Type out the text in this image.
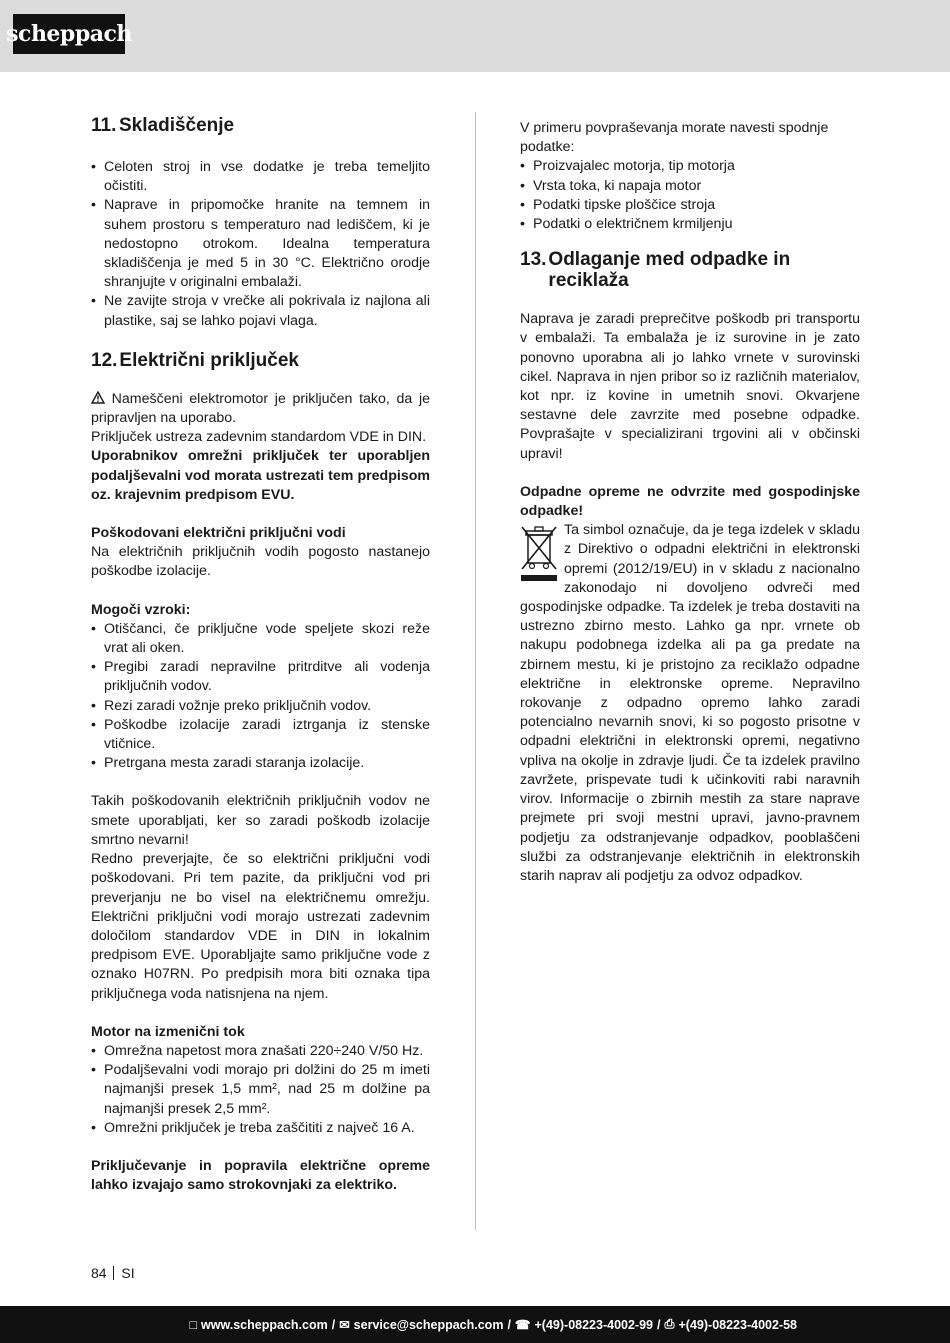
scheppach
11. Skladiščenje
• Celoten stroj in vse dodatke je treba temeljito očistiti.
• Naprave in pripomočke hranite na temnem in suhem prostoru s temperaturo nad lediščem, ki je nedostopno otrokom. Idealna temperatura skladiščenja je med 5 in 30 °C. Električno orodje shranjujte v originalni embalaži.
• Ne zavijte stroja v vrečke ali pokrivala iz najlona ali plastike, saj se lahko pojavi vlaga.
12. Električni priključek

Nameščeni elektromotor je priključen tako, da je pripravljen na uporabo.

Priključek ustreza zadevnim standardom VDE in DIN.

Uporabnikov omrežni priključek ter uporabljen podaljševalni vod morata ustrezati tem predpisom oz. krajevnim predpisom EVU.

Poškodovani električni priključni vodi

Na električnih priključnih vodih pogosto nastanejo poškodbe izolacije.

Mogoči vzroki:

• Otiščanci, če priključne vode speljete skozi reže vrat ali oken.
• Pregibi zaradi nepravilne pritrditve ali vodenja priključnih vodov.
• Rezi zaradi vožnje preko priključnih vodov.
• Poškodbe izolacije zaradi iztrganja iz stenske vtičnice.
• Pretrgana mesta zaradi staranja izolacije.

Takih poškodovanih električnih priključnih vodov ne smete uporabljati, ker so zaradi poškodb izolacije smrtno nevarni!

Redno preverjajte, če so električni priključni vodi poškodovani. Pri tem pazite, da priključni vod pri preverjanju ne bo visel na električnemu omrežju. Električni priključni vodi morajo ustrezati zadevnim določilom standardov VDE in DIN in lokalnim predpisom EVE. Uporabljajte samo priključne vode z oznako H07RN. Po predpisih mora biti oznaka tipa priključnega voda natisnjena na njem.

Motor na izmenični tok

• Omrežna napetost mora znašati 220÷240 V/50 Hz.
• Podaljševalni vodi morajo pri dolžini do 25 m imeti najmanjši presek 1,5 mm², nad 25 m dolžine pa najmanjši presek 2,5 mm².
• Omrežni priključek je treba zaščititi z največ 16 A.

Priključevanje in popravila električne opreme lahko izvajajo samo strokovnjaki za elektriko.

V primeru povpraševanja morate navesti spodnje podatke:

• Proizvajalec motorja, tip motorja
• Vrsta toka, ki napaja motor
• Podatki tipske ploščice stroja
• Podatki o električnem krmiljenju
13. Odlaganje med odpadke in reciklaža

Naprava je zaradi preprečitve poškodb pri transportu v embalaži. Ta embalaža je iz surovine in je zato ponovno uporabna ali jo lahko vrnete v surovinski cikel. Naprava in njen pribor so iz različnih materialov, kot npr. iz kovine in umetnih snovi. Okvarjene sestavne dele zavrzite med posebne odpadke. Povprašajte v specializirani trgovini ali v občinski upravi!

Odpadne opreme ne odvrzite med gospodinjske odpadke!

Ta simbol označuje, da je tega izdelek v skladu z Direktivo o odpadni električni in elektronski opremi (2012/19/EU) in v skladu z nacionalno zakonodajo ni dovoljeno odvreči med gospodinjske odpadke. Ta izdelek je treba dostaviti na ustrezno zbirno mesto. Lahko ga npr. vrnete ob nakupu podobnega izdelka ali pa ga predate na zbirnem mestu, ki je pristojno za reciklažo odpadne električne in elektronske opreme. Nepravilno rokovanje z odpadno opremo lahko zaradi potencialno nevarnih snovi, ki so pogosto prisotne v odpadni električni in elektronski opremi, negativno vpliva na okolje in zdravje ljudi. Če ta izdelek pravilno zavržete, prispevate tudi k učinkoviti rabi naravnih virov. Informacije o zbirnih mestih za stare naprave prejmete pri svoji mestni upravi, javno-pravnem podjetju za odstranjevanje odpadkov, pooblaščeni službi za odstranjevanje električnih in elektronskih starih naprav ali podjetju za odvoz odpadkov.

84 SI
□ www.scheppach.com / ✉ service@scheppach.com / ☎ +(49)-08223-4002-99 / ⎙ +(49)-08223-4002-58
